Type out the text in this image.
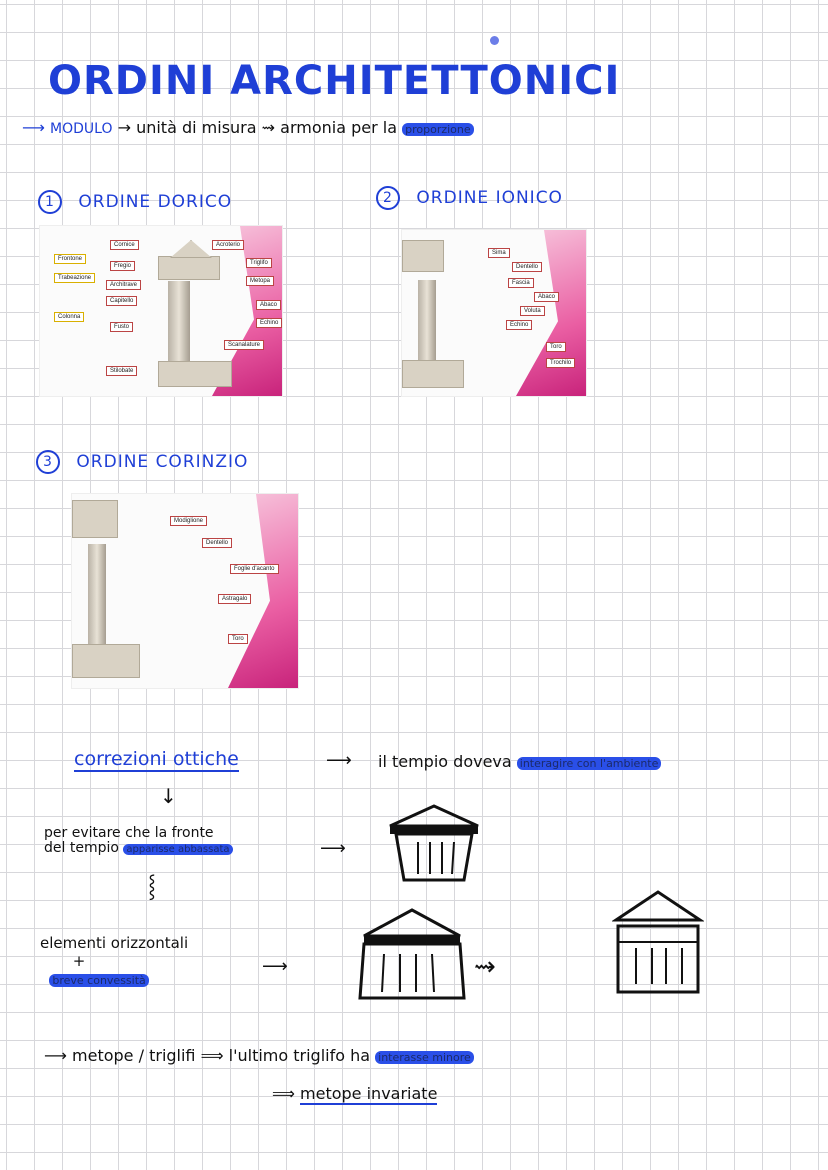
ORDINI ARCHITETTONICI
⟶ MODULO → unità di misura ⇝ armonia per la proporzione
1 ORDINE DORICO
Cornice
Frontone
Fregio
Trabeazione
Architrave
Capitello
Colonna
Fusto
Stilobate
Acroterio
Triglifo
Metopa
Abaco
Echino
Scanalature
2 ORDINE IONICO
Sima
Dentello
Fascia
Abaco
Voluta
Echino
Toro
Trochilo
3 ORDINE CORINZIO
Modiglione
Dentello
Foglie d'acanto
Astragalo
Toro
correzioni ottiche	⟶ il tempio doveva interagire con l'ambiente
↓
per evitare che la fronte
del tempio apparisse abbassata	⟶
⸾
elementi orizzontali
+
breve convessità
⟶	⇝
⟶ metope / triglifi ⟹ l'ultimo triglifo ha interasse minore
⟹ metope invariate
